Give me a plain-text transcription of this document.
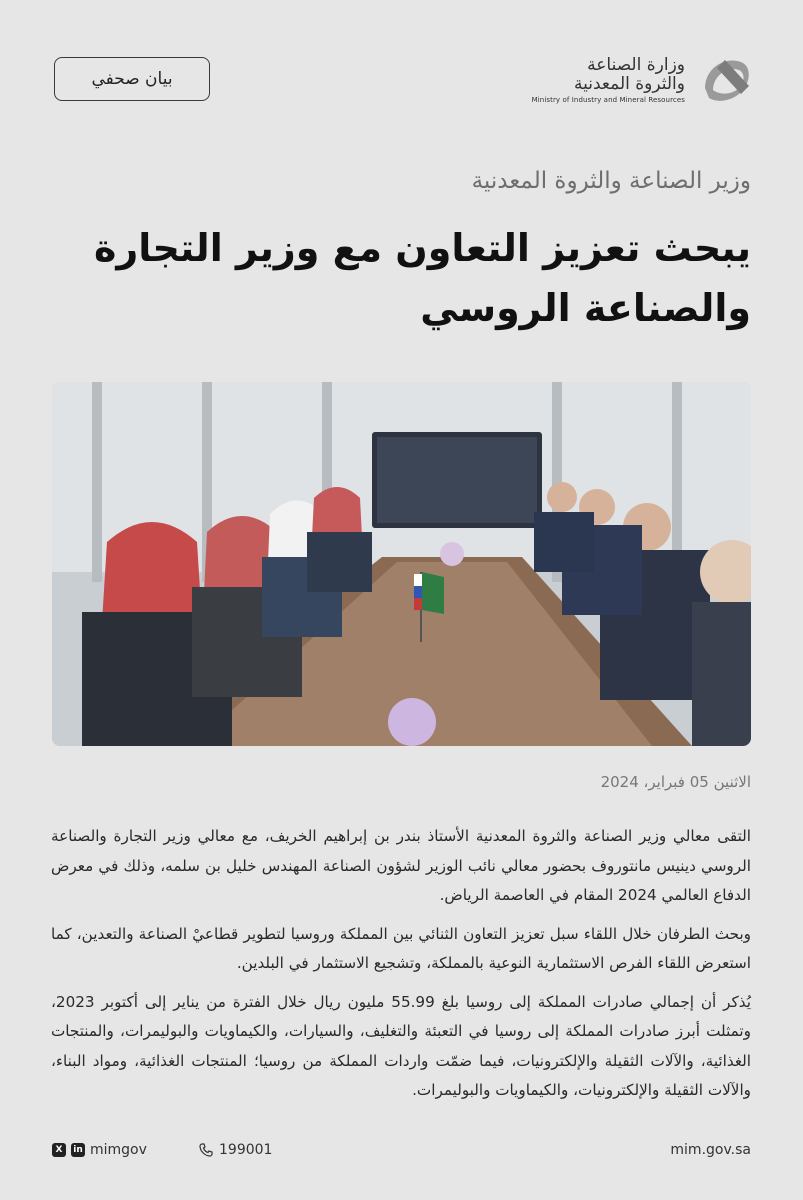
بيان صحفي
وزارة الصناعة
والثروة المعدنية
Ministry of Industry and Mineral Resources
وزير الصناعة والثروة المعدنية
يبحث تعزيز التعاون مع وزير التجارة والصناعة الروسي
الاثنين 05 فبراير، 2024

التقى معالي وزير الصناعة والثروة المعدنية الأستاذ بندر بن إبراهيم الخريف، مع معالي وزير التجارة والصناعة الروسي دينيس مانتوروف بحضور معالي نائب الوزير لشؤون الصناعة المهندس خليل بن سلمه، وذلك في معرض الدفاع العالمي 2024 المقام في العاصمة الرياض.

وبحث الطرفان خلال اللقاء سبل تعزيز التعاون الثنائي بين المملكة وروسيا لتطوير قطاعيْ الصناعة والتعدين، كما استعرض اللقاء الفرص الاستثمارية النوعية بالمملكة، وتشجيع الاستثمار في البلدين.

يُذكر أن إجمالي صادرات المملكة إلى روسيا بلغ 55.99 مليون ريال خلال الفترة من يناير إلى أكتوبر 2023، وتمثلت أبرز صادرات المملكة إلى روسيا في التعبئة والتغليف، والسيارات، والكيماويات والبوليمرات، والمنتجات الغذائية، والآلات الثقيلة والإلكترونيات، فيما ضمّت واردات المملكة من روسيا؛ المنتجات الغذائية، ومواد البناء، والآلات الثقيلة والإلكترونيات، والكيماويات والبوليمرات.

X	in mimgov	199001	mim.gov.sa
